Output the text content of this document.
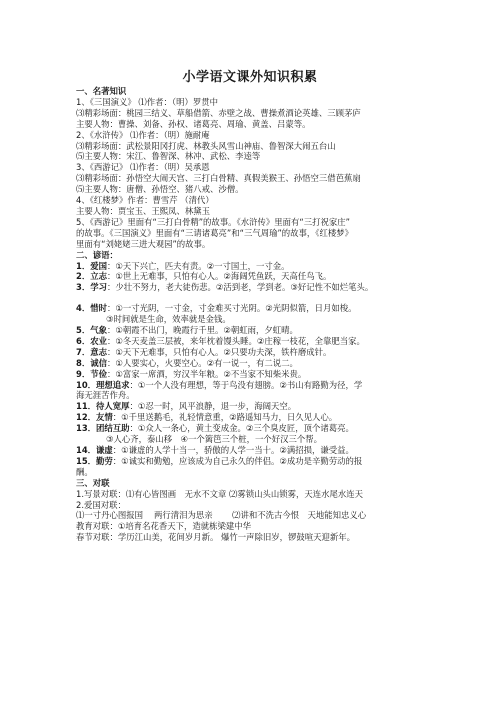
小学语文课外知识积累
一、名著知识
1、《三国演义》 ⑴作者：（明）罗贯中
⑶精彩场面：桃园三结义、草船借箭、赤壁之战、曹操煮酒论英雄、三顾茅庐
主要人物：曹操、刘备、孙权、诸葛亮、周瑜、黄盖、吕蒙等。
2、《水浒传》 ⑴作者：（明）施耐庵
⑶精彩场面：武松景阳冈打虎、林教头风雪山神庙、鲁智深大闹五台山
⑸主要人物：宋江、鲁智深、林冲、武松、李逵等
3、《西游记》 ⑴作者：（明）吴承恩
⑶精彩场面：孙悟空大闹天宫、三打白骨精、真假美猴王、孙悟空三借芭蕉扇
⑸主要人物：唐僧、孙悟空、猪八戒、沙僧。
4、《红楼梦》作者：曹雪芹 （清代）
主要人物：贾宝玉、王熙凤、林黛玉
5、《西游记》里面有“三打白骨精”的故事。《水浒传》里面有“三打祝家庄”
的故事。《三国演义》里面有“三请诸葛亮”和“三气周瑜”的故事，《红楼梦》
里面有“刘姥姥三进大观园”的故事。
二、谚语：
1．爱国：①天下兴亡，匹夫有责。②一寸国土，一寸金。
2．立志：①世上无难事，只怕有心人。②海阔凭鱼跃，天高任鸟飞。
3．学习：少壮不努力，老大徒伤悲。②活到老，学到老。③好记性不如烂笔头。
4．惜时：①一寸光阴，一寸金，寸金难买寸光阴。②光阴似箭，日月如梭。
③时间就是生命，效率就是金钱。
5．气象：①朝霞不出门，晚霞行千里。②朝虹雨，夕虹晴。
6．农业：①冬天麦盖三层被，来年枕着馒头睡。②庄稼一枝花，全靠肥当家。
7．意志：①天下无难事，只怕有心人。②只要功夫深，铁杵磨成针。
8．诚信：①人要实心，火要空心。②有一说一，有二说二。
9．节俭：①富家一席酒，穷汉半年粮。②不当家不知柴米贵。
10．理想追求：①一个人没有理想，等于鸟没有翅膀。②书山有路勤为径，学
海无涯苦作舟。
11．待人宽厚：①忍一时，风平浪静，退一步，海阔天空。
12．友情：①千里送鹅毛，礼轻情意重，②路遥知马力，日久见人心。
13．团结互助：①众人一条心，黄土变成金。②三个臭皮匠，顶个诸葛亮。
③人心齐，泰山移　④一个篱笆三个桩，一个好汉三个帮。
14．谦虚：①谦虚的人学十当一，骄傲的人学一当十。②满招损，谦受益。
15．勤劳：①诚实和勤勉，应该成为自己永久的伴侣。②成功是辛勤劳动的报
酬。
三、对联
1.写景对联：⑴有心皆图画　无水不文章 ⑵雾锁山头山锁雾，天连水尾水连天
2.爱国对联：
⑴一寸丹心图报国　 两行清泪为思亲　　 ⑵讲和不洗古今恨　天地能知忠义心
教育对联：①培育名花香天下，造就栋梁建中华
春节对联：学历江山美，花间岁月新。 爆竹一声除旧岁，锣鼓喧天迎新年。
